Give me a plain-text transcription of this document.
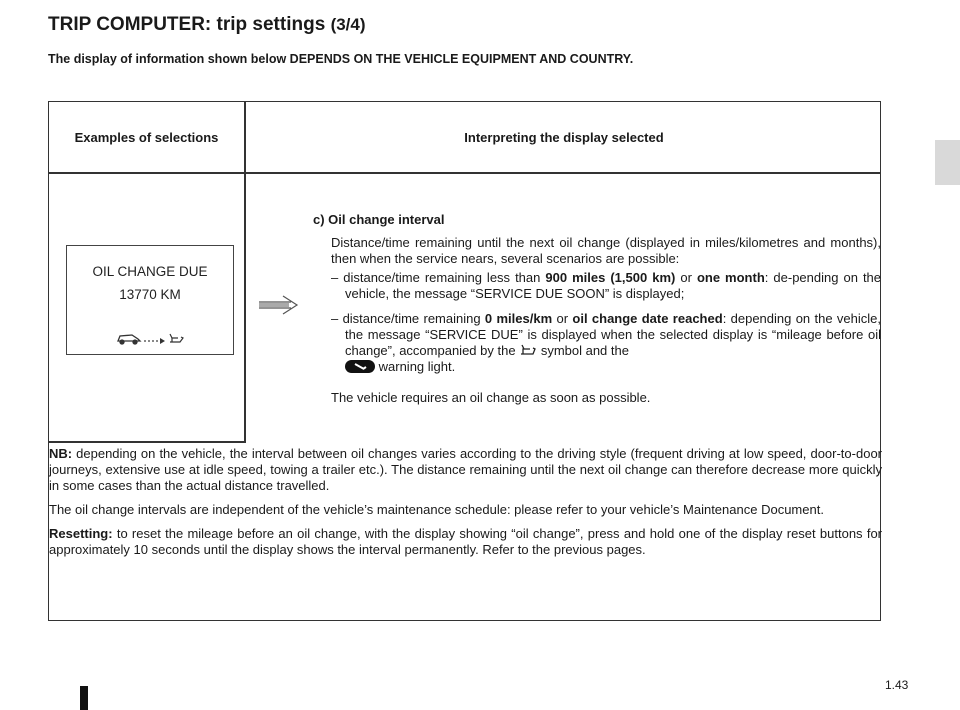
TRIP COMPUTER: trip settings (3/4)

The display of information shown below DEPENDS ON THE VEHICLE EQUIPMENT AND COUNTRY.

Examples of selections	Interpreting the display selected
OIL CHANGE DUE
13770 KM
c) Oil change interval
Distance/time remaining until the next oil change (displayed in miles/kilometres and months), then when the service nears, several scenarios are possible:
– distance/time remaining less than 900 miles (1,500 km) or one month: de-pending on the vehicle, the message “SERVICE DUE SOON” is displayed;
– distance/time remaining 0 miles/km or oil change date reached: depending on the vehicle, the message “SERVICE DUE” is displayed when the selected display is “mileage before oil change”, accompanied by the symbol and the

warning light.
The vehicle requires an oil change as soon as possible.

NB: depending on the vehicle, the interval between oil changes varies according to the driving style (frequent driving at low speed, door-to-door journeys, extensive use at idle speed, towing a trailer etc.). The distance remaining until the next oil change can therefore decrease more quickly in some cases than the actual distance travelled.

The oil change intervals are independent of the vehicle’s maintenance schedule: please refer to your vehicle’s Maintenance Document.

Resetting: to reset the mileage before an oil change, with the display showing “oil change”, press and hold one of the display reset buttons for approximately 10 seconds until the display shows the interval permanently. Refer to the previous pages.

1.43
